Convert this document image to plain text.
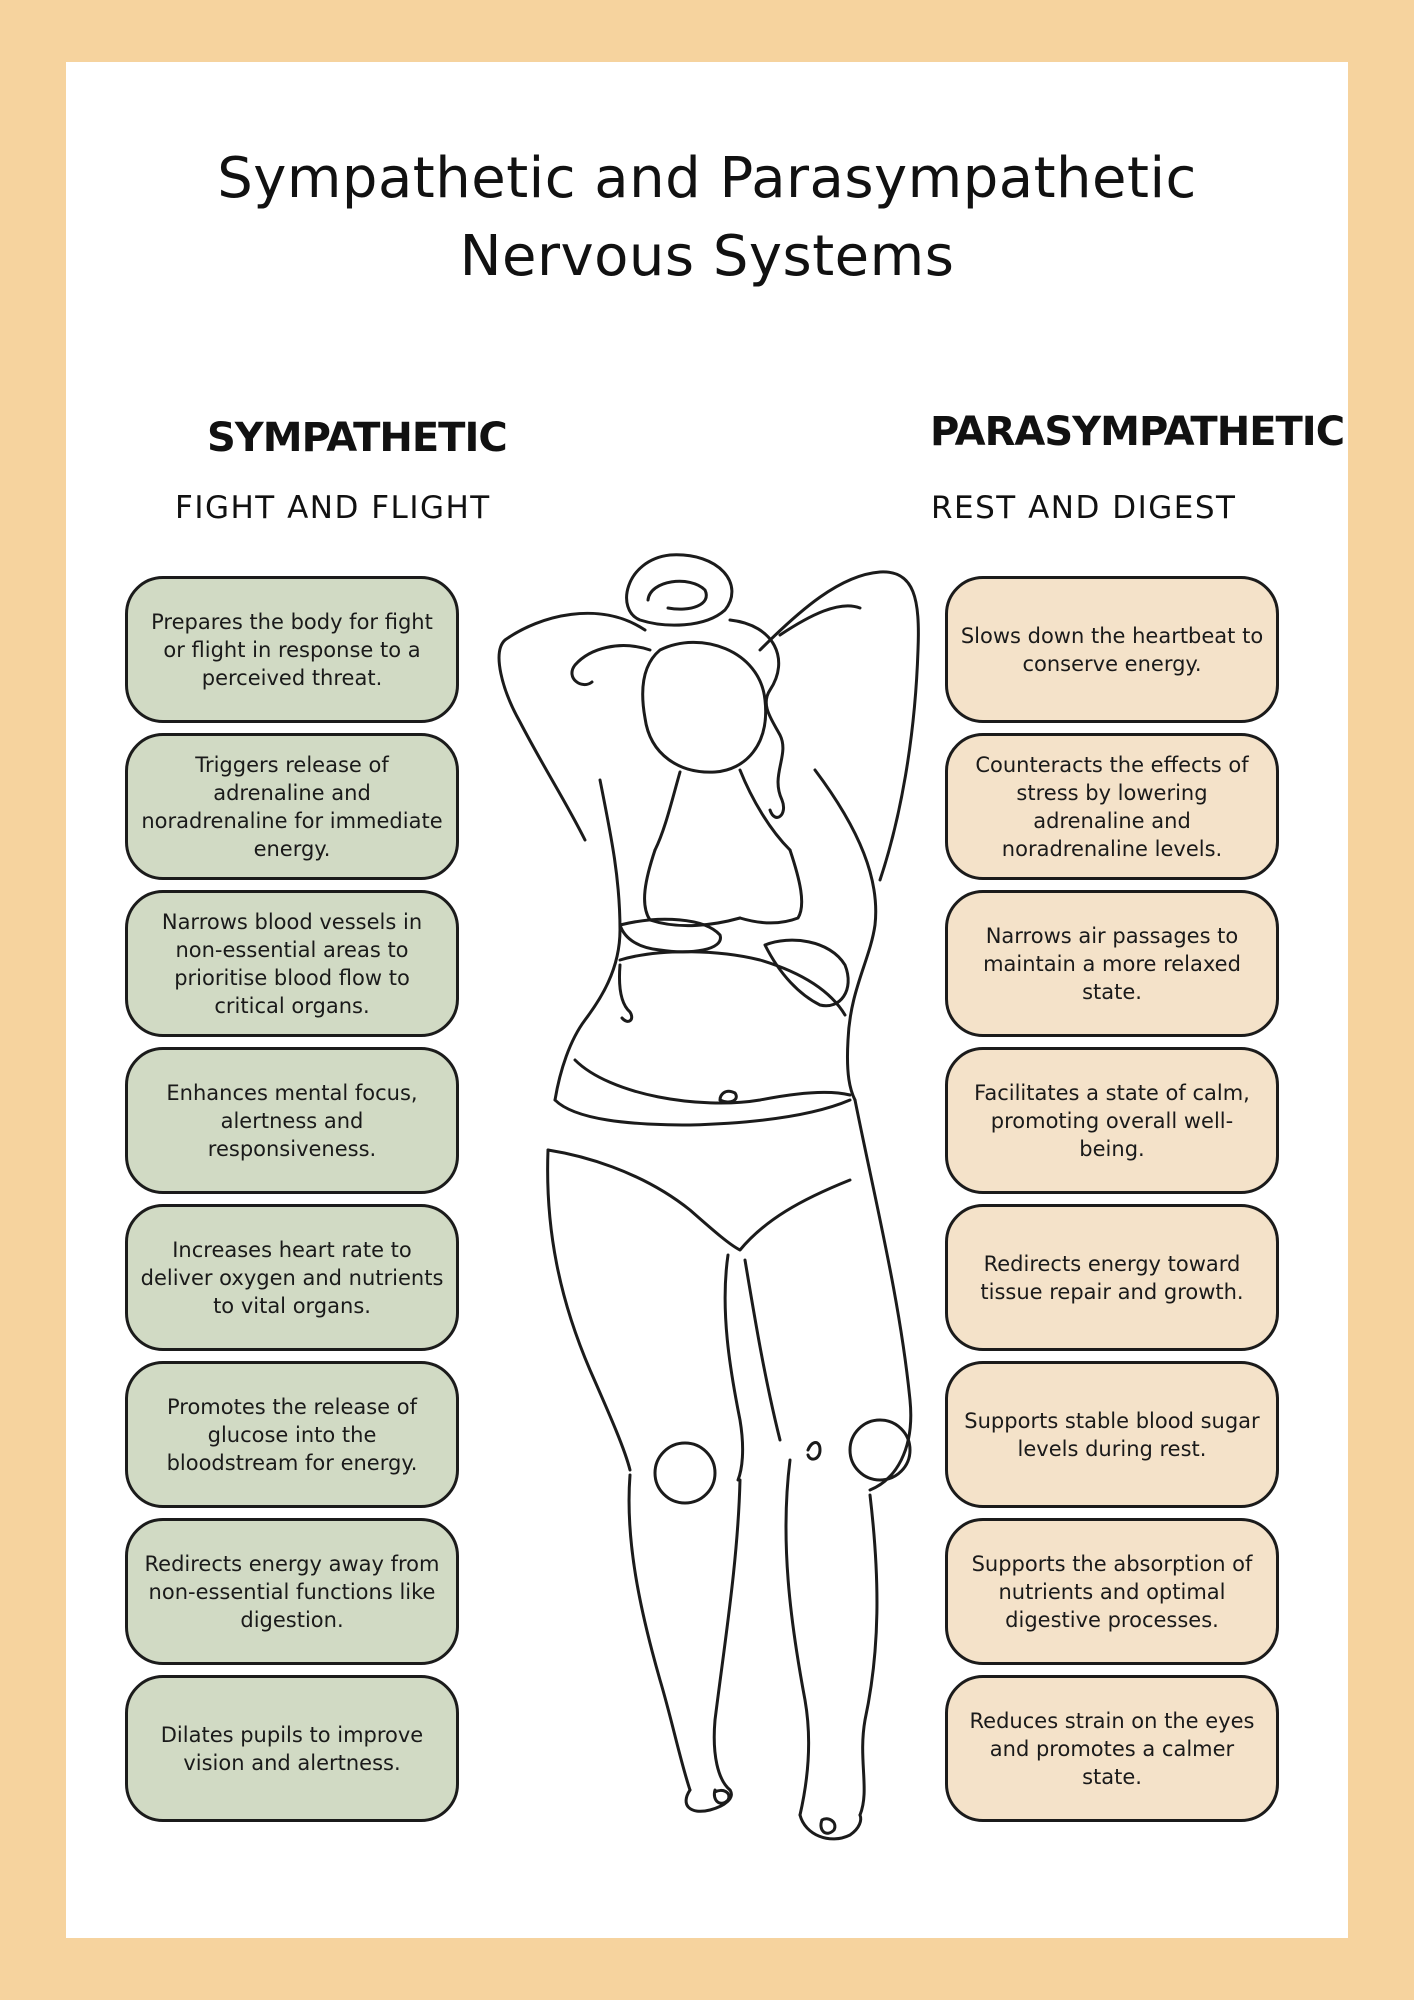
Sympathetic and Parasympathetic
Nervous Systems
SYMPATHETIC
FIGHT AND FLIGHT
PARASYMPATHETIC
REST AND DIGEST
Prepares the body for fight or flight in response to a perceived threat.
Triggers release of adrenaline and noradrenaline for immediate energy.
Narrows blood vessels in non-essential areas to prioritise blood flow to critical organs.
Enhances mental focus, alertness and responsiveness.
Increases heart rate to deliver oxygen and nutrients to vital organs.
Promotes the release of glucose into the bloodstream for energy.
Redirects energy away from non-essential functions like digestion.
Dilates pupils to improve vision and alertness.
Slows down the heartbeat to conserve energy.
Counteracts the effects of stress by lowering adrenaline and noradrenaline levels.
Narrows air passages to maintain a more relaxed state.
Facilitates a state of calm, promoting overall well-being.
Redirects energy toward tissue repair and growth.
Supports stable blood sugar levels during rest.
Supports the absorption of nutrients and optimal digestive processes.
Reduces strain on the eyes and promotes a calmer state.
